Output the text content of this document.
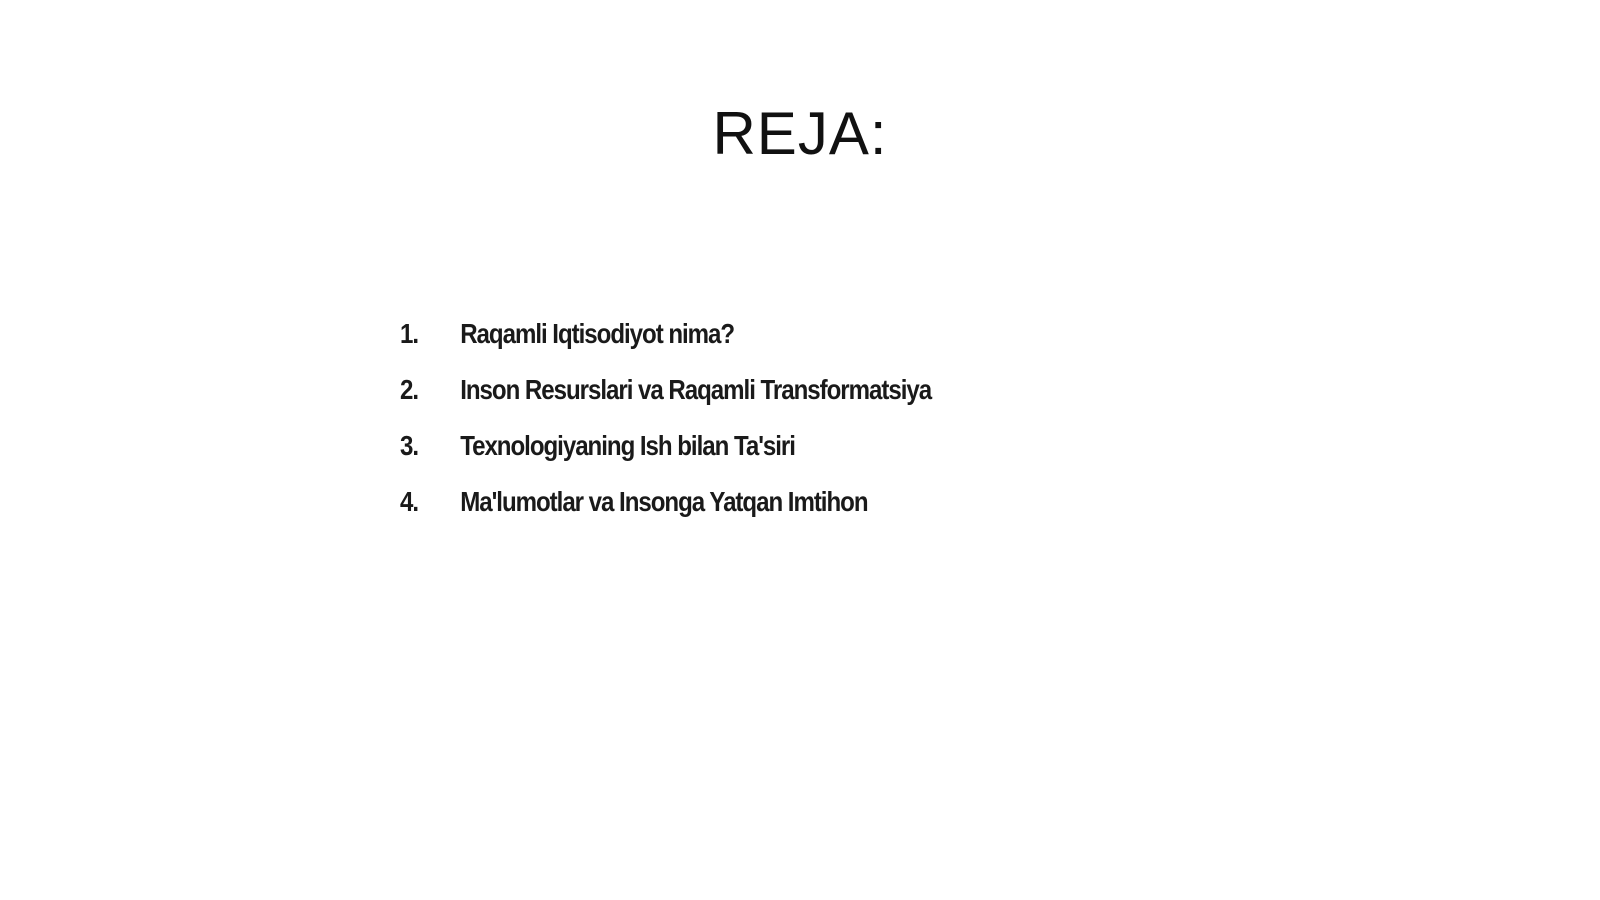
REJA:
1.	Raqamli Iqtisodiyot nima?
2.	Inson Resurslari va Raqamli Transformatsiya
3.	Texnologiyaning Ish bilan Ta'siri
4.	Ma'lumotlar va Insonga Yatqan Imtihon
